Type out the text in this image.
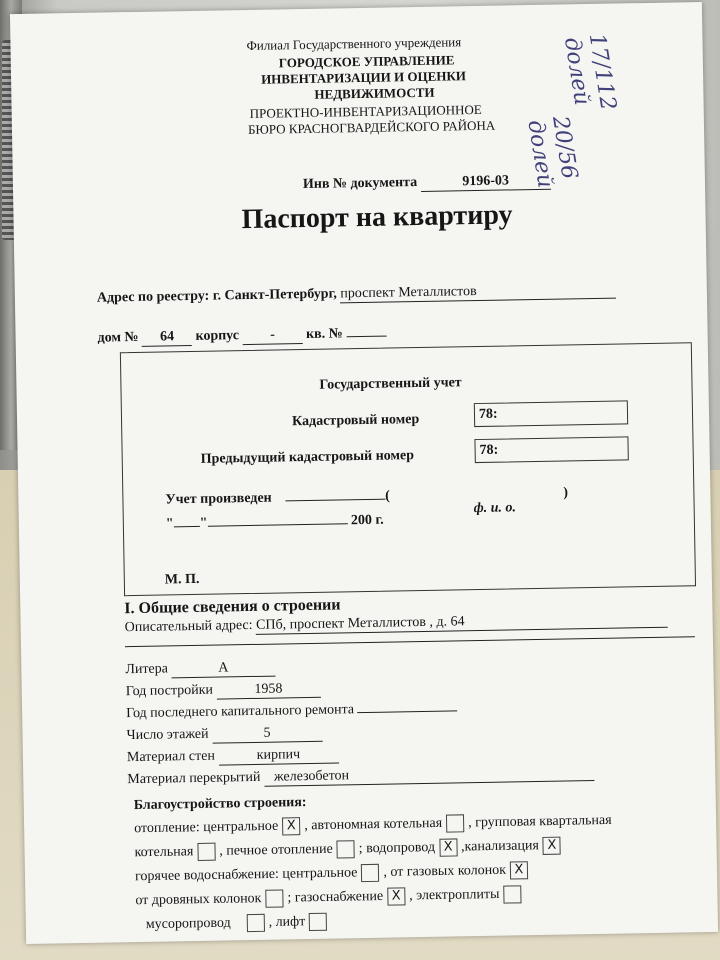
Филиал Государственного учреждения
ГОРОДСКОЕ УПРАВЛЕНИЕ
ИНВЕНТАРИЗАЦИИ И ОЦЕНКИ
НЕДВИЖИМОСТИ
ПРОЕКТНО-ИНВЕНТАРИЗАЦИОННОЕ
БЮРО КРАСНОГВАРДЕЙСКОГО РАЙОНА	20/56 долей
17/112 долей
Инв № документа	9196-03
Паспорт на квартиру
Адрес по реестру: г. Санкт-Петербург, проспект Металлистов
дом № 64 корпус - кв. №
Государственный учет
Кадастровый номер	78:
Предыдущий кадастровый номер	78:
Учет произведен	(	)
" "	200 г.
ф. и. о.
М. П.
I. Общие сведения о строении
Описательный адрес: СПб, проспект Металлистов , д. 64
Литера	А
Год постройки	1958
Год последнего капитального ремонта
Число этажей	5
Материал стен	кирпич
Материал перекрытий железобетон
Благоустройство строения:
отопление: центральное X , автономная котельная , групповая квартальная
котельная , печное отопление ; водопровод X ,канализация X
горячее водоснабжение: центральное , от газовых колонок X
от дровяных колонок ; газоснабжение X , электроплиты
мусоропровод	, лифт
